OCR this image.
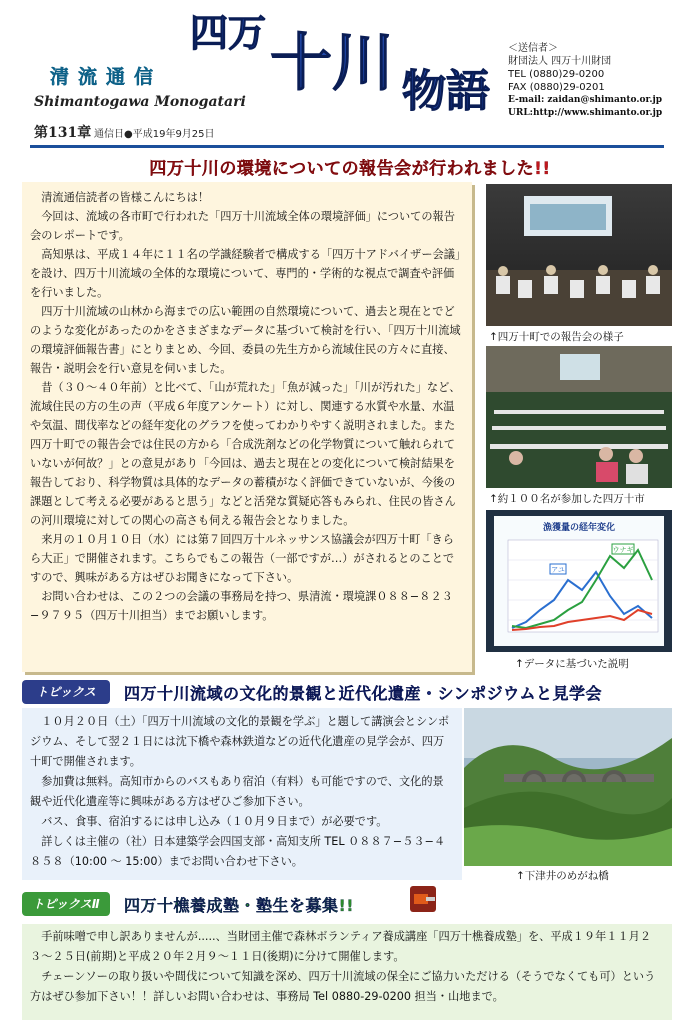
清流通信
四万 十川 物語
Shimantogawa Monogatari
第131章 通信日●平成19年9月25日
＜送信者＞
財団法人 四万十川財団
TEL (0880)29-0200
FAX (0880)29-0201
E-mail: zaidan@shimanto.or.jp
URL:http://www.shimanto.or.jp
四万十川の環境についての報告会が行われました!!

清流通信読者の皆様こんにちは！

今回は、流域の各市町で行われた「四万十川流域全体の環境評価」についての報告会のレポートです。

高知県は、平成１４年に１１名の学識経験者で構成する「四万十アドバイザー会議」を設け、四万十川流域の全体的な環境について、専門的・学術的な視点で調査や評価を行いました。

四万十川流域の山林から海までの広い範囲の自然環境について、過去と現在とでどのような変化があったのかをさまざまなデータに基づいて検討を行い、「四万十川流域の環境評価報告書」にとりまとめ、今回、委員の先生方から流域住民の方々に直接、報告・説明会を行い意見を伺いました。

昔（３０〜４０年前）と比べて、「山が荒れた」「魚が減った」「川が汚れた」など、流域住民の方の生の声（平成６年度アンケート）に対し、関連する水質や水量、水温や気温、間伐率などの経年変化のグラフを使ってわかりやすく説明されました。また四万十町での報告会では住民の方から「合成洗剤などの化学物質について触れられていないが何故？」との意見があり「今回は、過去と現在との変化について検討結果を報告しており、科学物質は具体的なデータの蓄積がなく評価できていないが、今後の課題として考える必要があると思う」などと活発な質疑応答もみられ、住民の皆さんの河川環境に対しての関心の高さも伺える報告会となりました。

来月の１０月１０日（水）には第７回四万十ルネッサンス協議会が四万十町「きらら大正」で開催されます。こちらでもこの報告（一部ですが…）がされるとのことですので、興味がある方はぜひお聞きになって下さい。

お問い合わせは、この２つの会議の事務局を持つ、県清流・環境課０８８−８２３−９７９５（四万十川担当）までお願いします。

↑四万十町での報告会の様子
↑約１００名が参加した四万十市
漁獲量の経年変化
アユ
ウナギ
↑データに基づいた説明
トピックス	四万十川流域の文化的景観と近代化遺産・シンポジウムと見学会

１０月２０日（土）「四万十川流域の文化的景観を学ぶ」と題して講演会とシンポジウム、そして翌２１日には沈下橋や森林鉄道などの近代化遺産の見学会が、四万十町で開催されます。

参加費は無料。高知市からのバスもあり宿泊（有料）も可能ですので、文化的景観や近代化遺産等に興味がある方はぜひご参加下さい。

バス、食事、宿泊するには申し込み（１０月９日まで）が必要です。

詳しくは主催の（社）日本建築学会四国支部・高知支所 TEL ０８８７−５３−４８５８（10:00 〜 15:00）までお問い合わせ下さい。

↑下津井のめがね橋
トピックスⅡ	四万十樵養成塾・塾生を募集!!

手前味噌で申し訳ありませんが.....、当財団主催で森林ボランティア養成講座「四万十樵養成塾」を、平成１９年１１月２３〜２５日(前期)と平成２０年２月９〜１１日(後期)に分けて開催します。

チェーンソーの取り扱いや間伐について知識を深め、四万十川流域の保全にご協力いただける（そうでなくても可）という方はぜひ参加下さい！！詳しいお問い合わせは、事務局 Tel 0880-29-0200 担当・山地まで。
